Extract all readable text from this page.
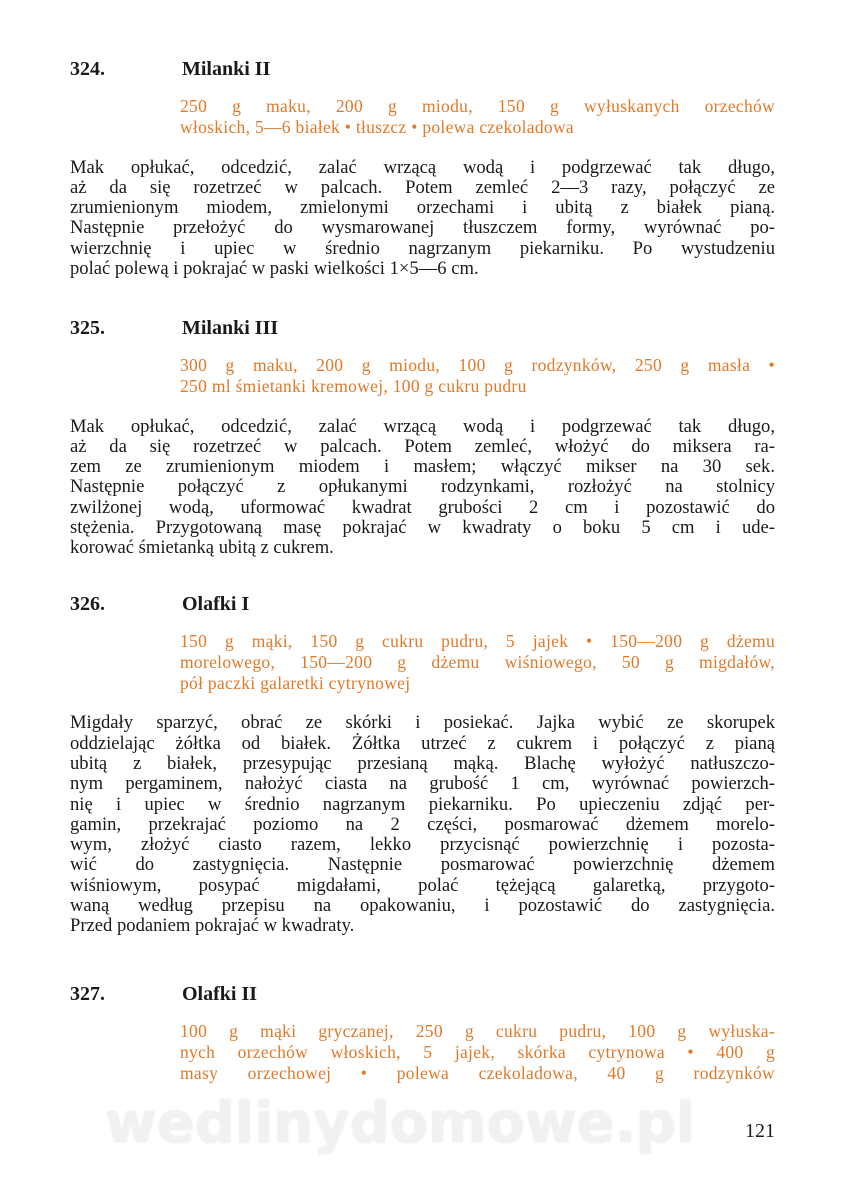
324.	Milanki II
250 g maku, 200 g miodu, 150 g wyłuskanych orzechów
włoskich, 5—6 białek • tłuszcz • polewa czekoladowa
Mak opłukać, odcedzić, zalać wrzącą wodą i podgrzewać tak długo,
aż da się rozetrzeć w palcach. Potem zemleć 2—3 razy, połączyć ze
zrumienionym miodem, zmielonymi orzechami i ubitą z białek pianą.
Następnie przełożyć do wysmarowanej tłuszczem formy, wyrównać po-
wierzchnię i upiec w średnio nagrzanym piekarniku. Po wystudzeniu
polać polewą i pokrajać w paski wielkości 1×5—6 cm.
325.	Milanki III
300 g maku, 200 g miodu, 100 g rodzynków, 250 g masła •
250 ml śmietanki kremowej, 100 g cukru pudru
Mak opłukać, odcedzić, zalać wrzącą wodą i podgrzewać tak długo,
aż da się rozetrzeć w palcach. Potem zemleć, włożyć do miksera ra-
zem ze zrumienionym miodem i masłem; włączyć mikser na 30 sek.
Następnie połączyć z opłukanymi rodzynkami, rozłożyć na stolnicy
zwilżonej wodą, uformować kwadrat grubości 2 cm i pozostawić do
stężenia. Przygotowaną masę pokrajać w kwadraty o boku 5 cm i ude-
korować śmietanką ubitą z cukrem.
326.	Olafki I
150 g mąki, 150 g cukru pudru, 5 jajek • 150—200 g dżemu
morelowego, 150—200 g dżemu wiśniowego, 50 g migdałów,
pół paczki galaretki cytrynowej
Migdały sparzyć, obrać ze skórki i posiekać. Jajka wybić ze skorupek
oddzielając żółtka od białek. Żółtka utrzeć z cukrem i połączyć z pianą
ubitą z białek, przesypując przesianą mąką. Blachę wyłożyć natłuszczo-
nym pergaminem, nałożyć ciasta na grubość 1 cm, wyrównać powierzch-
nię i upiec w średnio nagrzanym piekarniku. Po upieczeniu zdjąć per-
gamin, przekrajać poziomo na 2 części, posmarować dżemem morelo-
wym, złożyć ciasto razem, lekko przycisnąć powierzchnię i pozosta-
wić do zastygnięcia. Następnie posmarować powierzchnię dżemem
wiśniowym, posypać migdałami, polać tężejącą galaretką, przygoto-
waną według przepisu na opakowaniu, i pozostawić do zastygnięcia.
Przed podaniem pokrajać w kwadraty.
327.	Olafki II
100 g mąki gryczanej, 250 g cukru pudru, 100 g wyłuska-
nych orzechów włoskich, 5 jajek, skórka cytrynowa • 400 g
masy orzechowej • polewa czekoladowa, 40 g rodzynków
wedlinydomowe.pl	121
